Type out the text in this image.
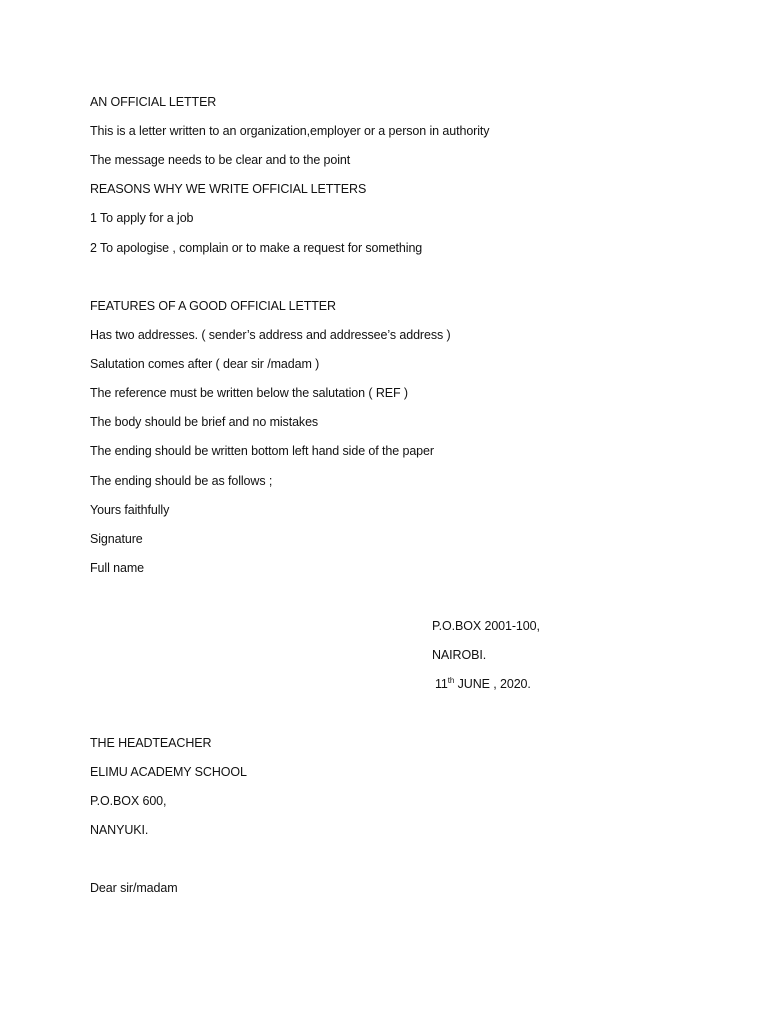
AN OFFICIAL LETTER
This is a letter written to an organization,employer or a person in authority
The message needs to be clear and to the point
REASONS WHY WE WRITE OFFICIAL LETTERS
1 To apply for a job
2 To apologise , complain or to make a request for something
FEATURES OF A GOOD OFFICIAL LETTER
Has two addresses. ( sender’s address and addressee’s address )
Salutation comes after ( dear sir /madam )
The reference must be written below the salutation ( REF )
The body should be brief and no mistakes
The ending should be written bottom left hand side of the paper
The ending should be as follows ;
Yours faithfully
Signature
Full name
P.O.BOX 2001-100,
NAIROBI.
11th JUNE , 2020.
THE HEADTEACHER
ELIMU ACADEMY SCHOOL
P.O.BOX 600,
NANYUKI.
Dear sir/madam
